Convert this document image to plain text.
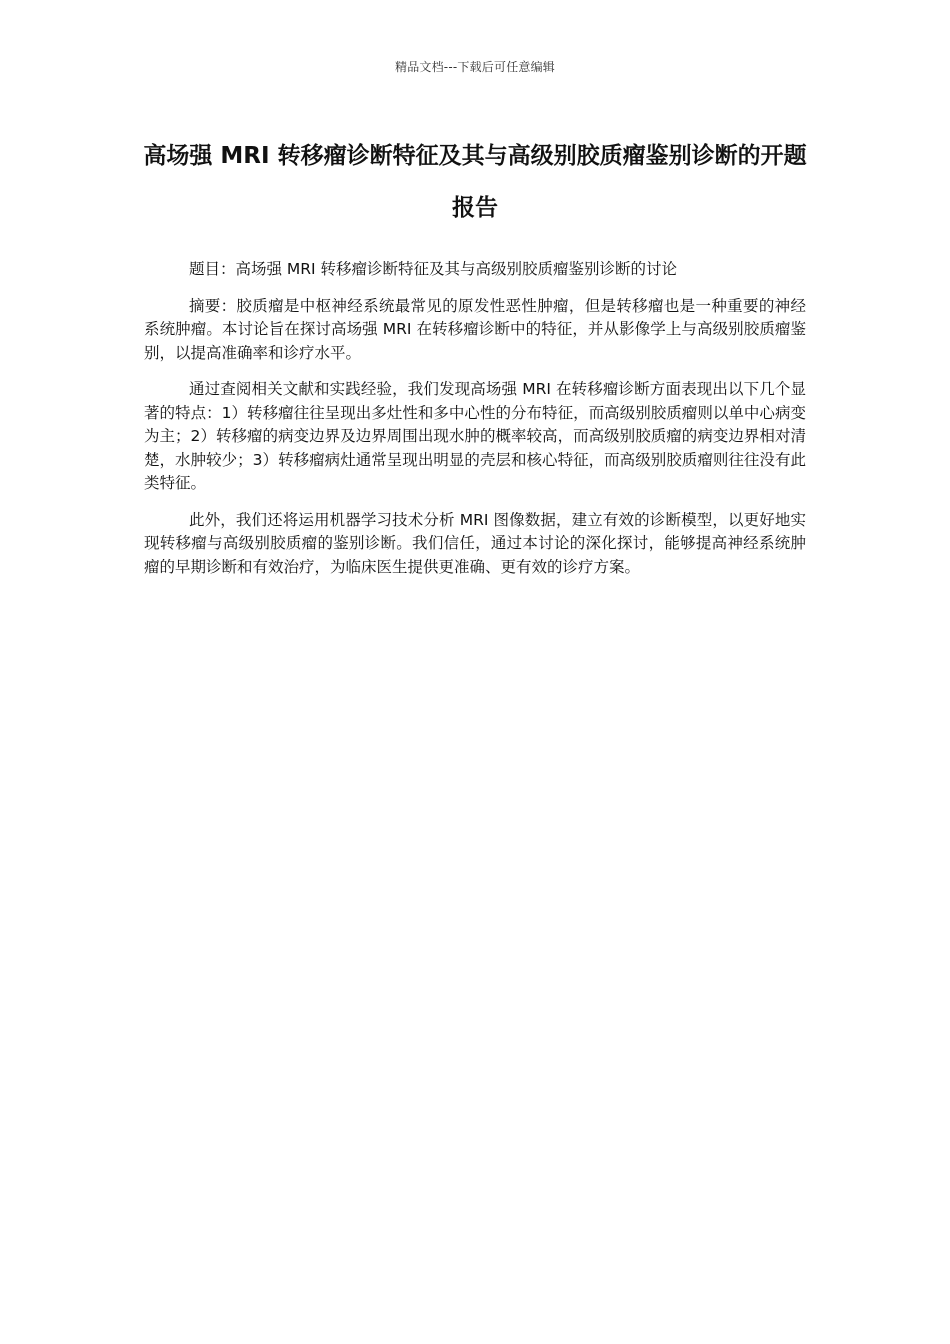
精品文档---下载后可任意编辑
高场强 MRI 转移瘤诊断特征及其与高级别胶质瘤鉴别诊断的开题报告

题目：高场强 MRI 转移瘤诊断特征及其与高级别胶质瘤鉴别诊断的讨论

摘要：胶质瘤是中枢神经系统最常见的原发性恶性肿瘤，但是转移瘤也是一种重要的神经系统肿瘤。本讨论旨在探讨高场强 MRI 在转移瘤诊断中的特征，并从影像学上与高级别胶质瘤鉴别，以提高准确率和诊疗水平。

通过查阅相关文献和实践经验，我们发现高场强 MRI 在转移瘤诊断方面表现出以下几个显著的特点：1）转移瘤往往呈现出多灶性和多中心性的分布特征，而高级别胶质瘤则以单中心病变为主；2）转移瘤的病变边界及边界周围出现水肿的概率较高，而高级别胶质瘤的病变边界相对清楚，水肿较少；3）转移瘤病灶通常呈现出明显的壳层和核心特征，而高级别胶质瘤则往往没有此类特征。

此外，我们还将运用机器学习技术分析 MRI 图像数据，建立有效的诊断模型，以更好地实现转移瘤与高级别胶质瘤的鉴别诊断。我们信任，通过本讨论的深化探讨，能够提高神经系统肿瘤的早期诊断和有效治疗，为临床医生提供更准确、更有效的诊疗方案。
